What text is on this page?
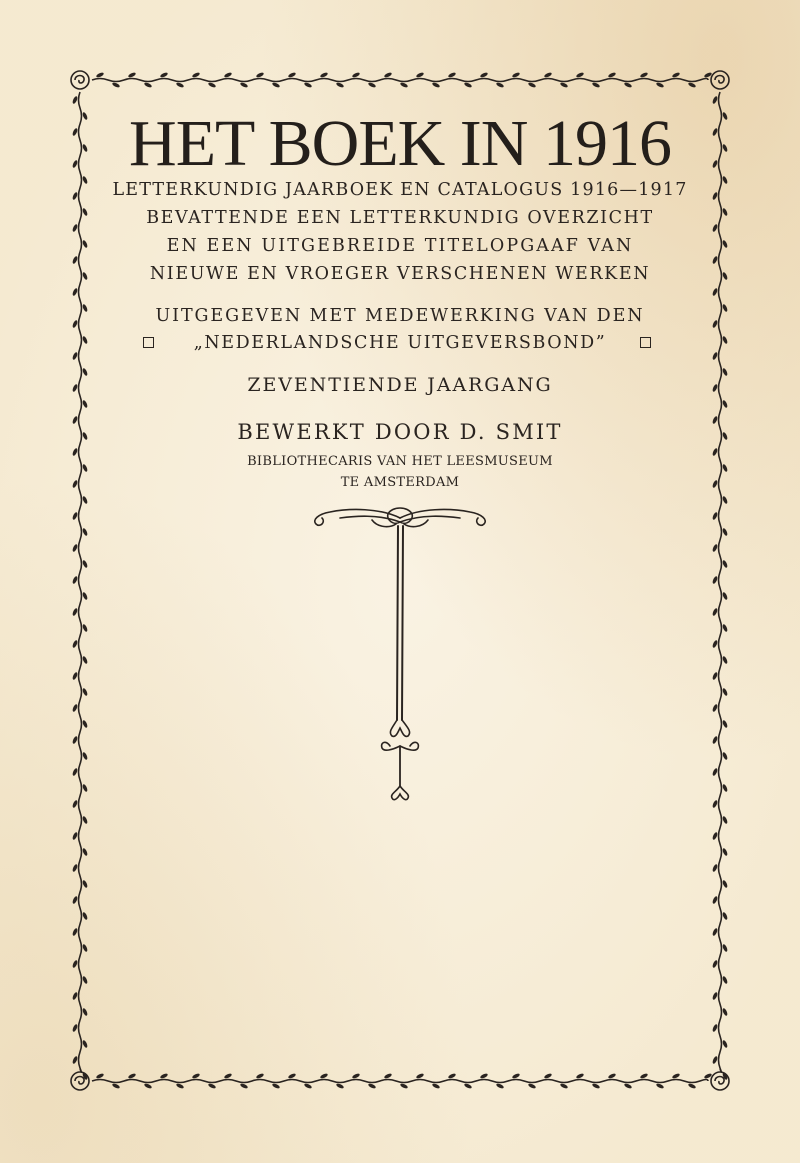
HET BOEK IN 1916
LETTERKUNDIG JAARBOEK EN CATALOGUS 1916—1917
BEVATTENDE EEN LETTERKUNDIG OVERZICHT
EN EEN UITGEBREIDE TITELOPGAAF VAN
NIEUWE EN VROEGER VERSCHENEN WERKEN
UITGEGEVEN MET MEDEWERKING VAN DEN
„NEDERLANDSCHE UITGEVERSBOND”
ZEVENTIENDE JAARGANG
BEWERKT DOOR D. SMIT
BIBLIOTHECARIS VAN HET LEESMUSEUM
TE AMSTERDAM
